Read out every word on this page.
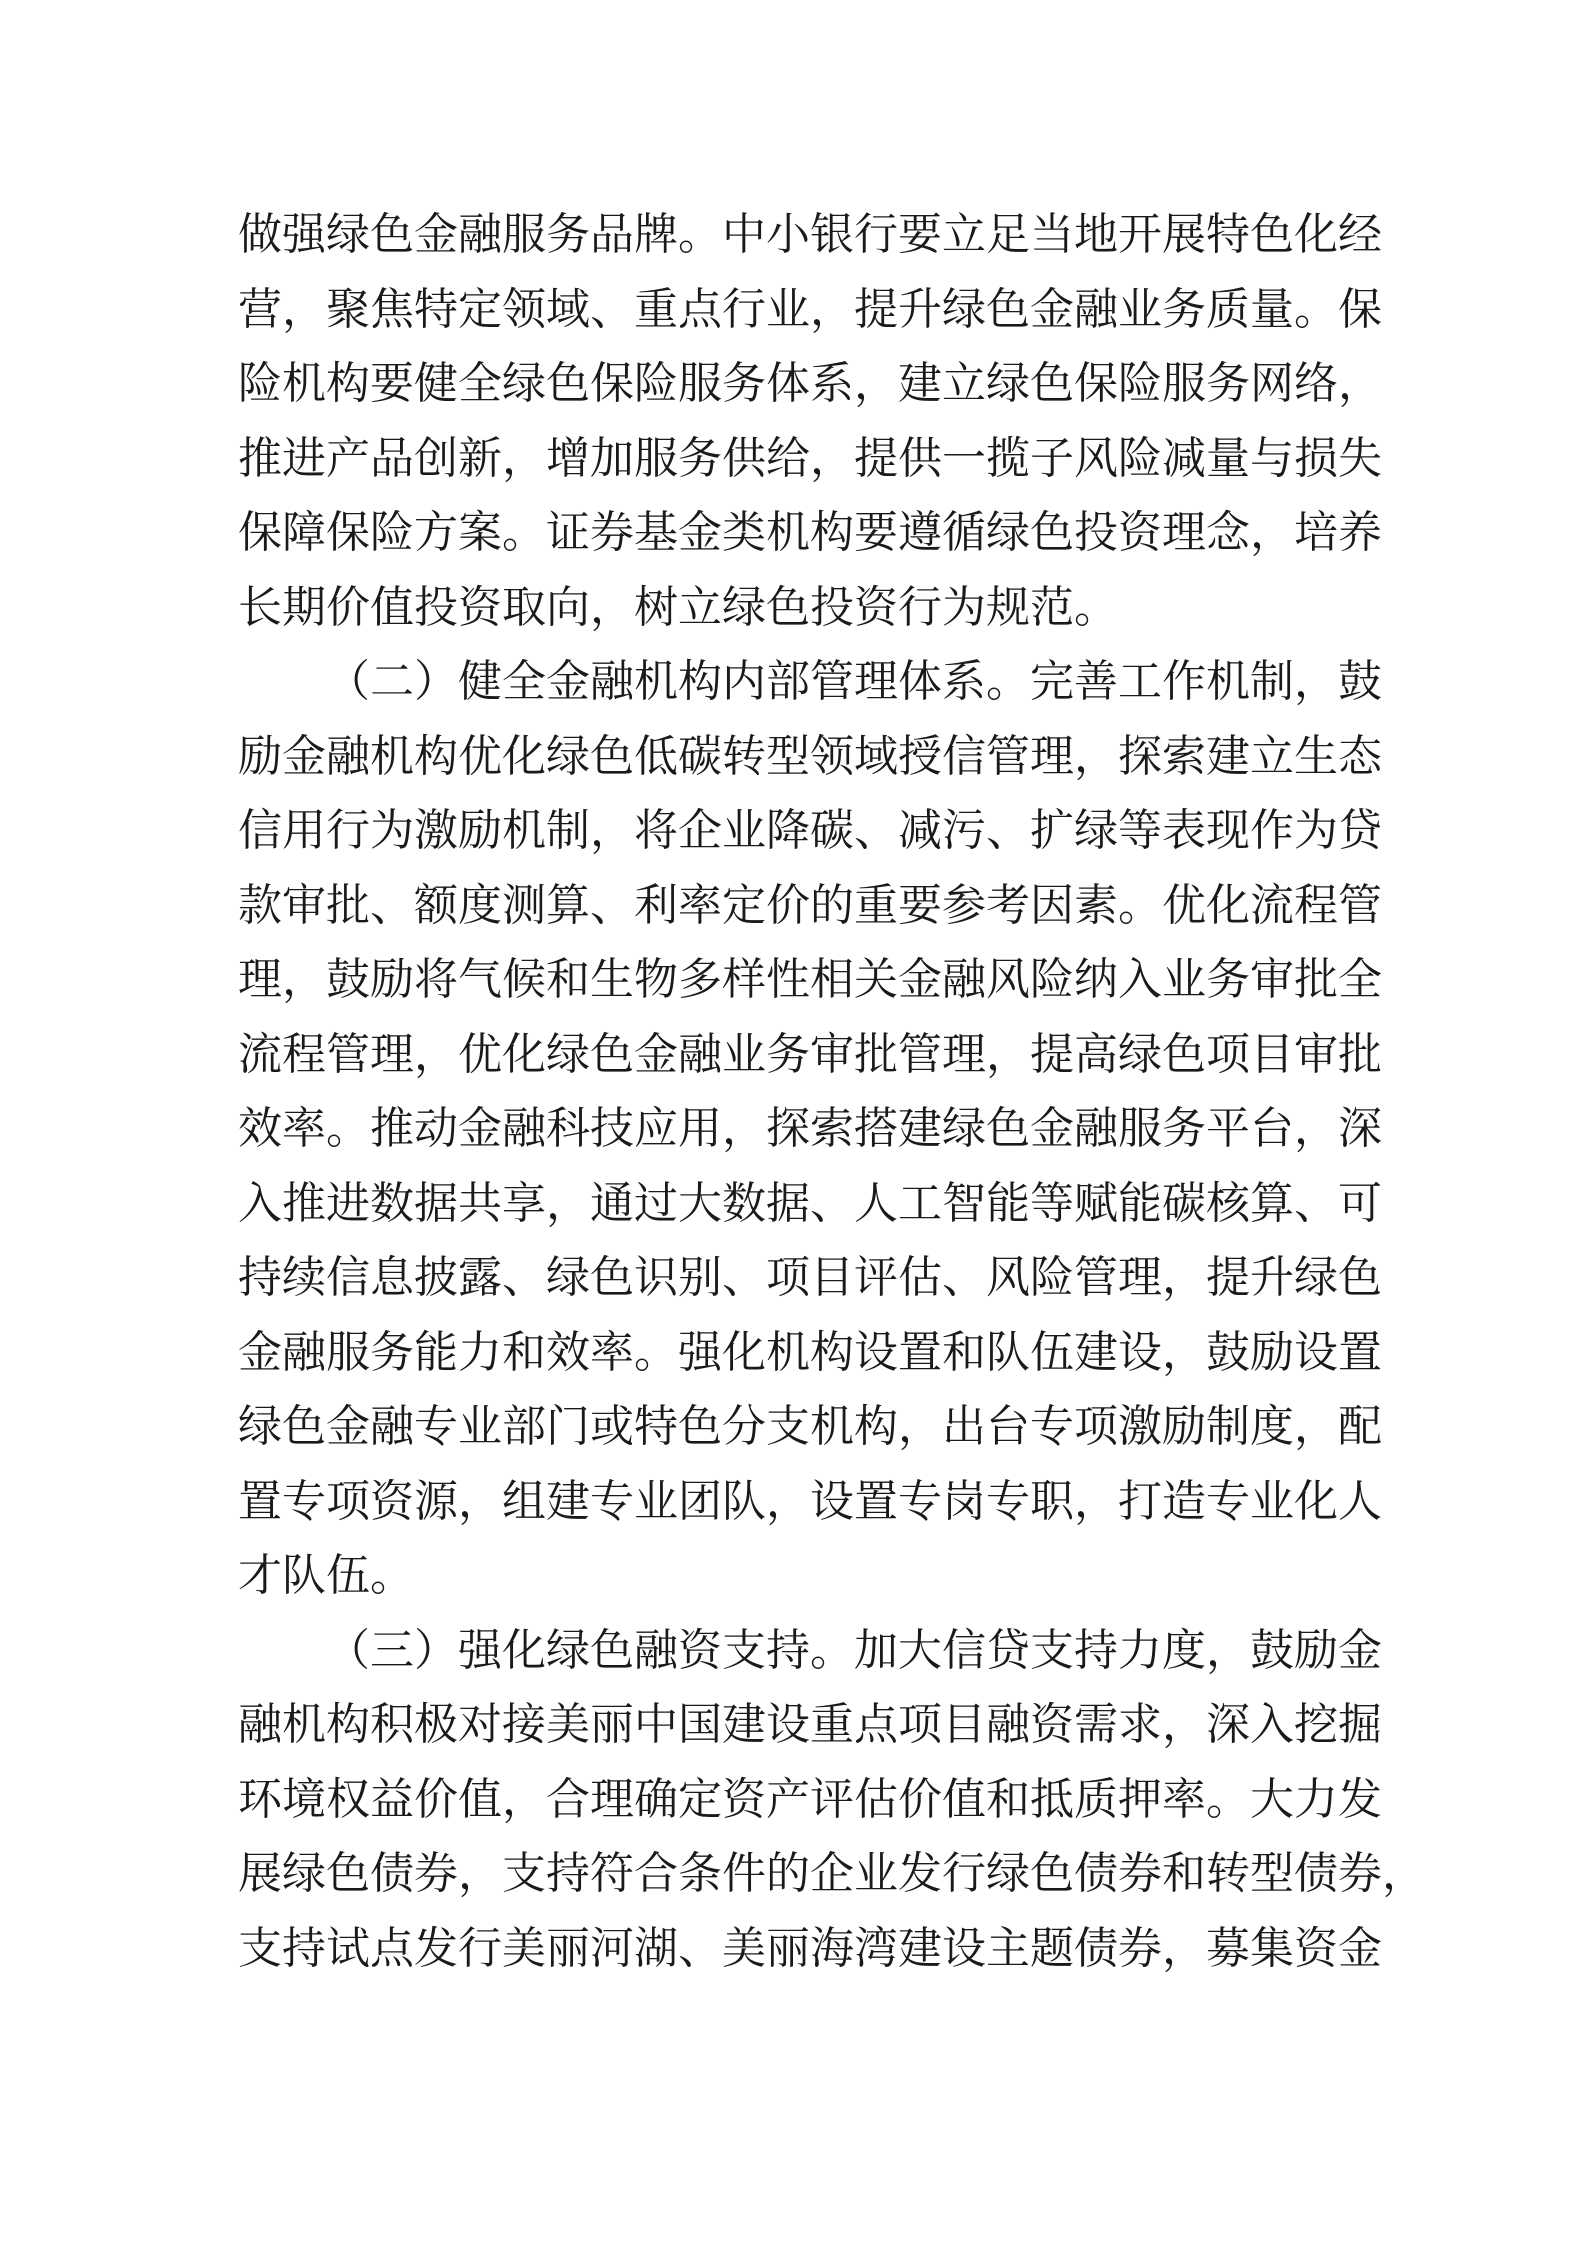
做强绿色金融服务品牌。中小银行要立足当地开展特色化经
营，聚焦特定领域、重点行业，提升绿色金融业务质量。保
险机构要健全绿色保险服务体系，建立绿色保险服务网络，
推进产品创新，增加服务供给，提供一揽子风险减量与损失
保障保险方案。证券基金类机构要遵循绿色投资理念，培养
长期价值投资取向，树立绿色投资行为规范。
（二）健全金融机构内部管理体系。完善工作机制，鼓
励金融机构优化绿色低碳转型领域授信管理，探索建立生态
信用行为激励机制，将企业降碳、减污、扩绿等表现作为贷
款审批、额度测算、利率定价的重要参考因素。优化流程管
理，鼓励将气候和生物多样性相关金融风险纳入业务审批全
流程管理，优化绿色金融业务审批管理，提高绿色项目审批
效率。推动金融科技应用，探索搭建绿色金融服务平台，深
入推进数据共享，通过大数据、人工智能等赋能碳核算、可
持续信息披露、绿色识别、项目评估、风险管理，提升绿色
金融服务能力和效率。强化机构设置和队伍建设，鼓励设置
绿色金融专业部门或特色分支机构，出台专项激励制度，配
置专项资源，组建专业团队，设置专岗专职，打造专业化人
才队伍。
（三）强化绿色融资支持。加大信贷支持力度，鼓励金
融机构积极对接美丽中国建设重点项目融资需求，深入挖掘
环境权益价值，合理确定资产评估价值和抵质押率。大力发
展绿色债券，支持符合条件的企业发行绿色债券和转型债券，
支持试点发行美丽河湖、美丽海湾建设主题债券，募集资金
